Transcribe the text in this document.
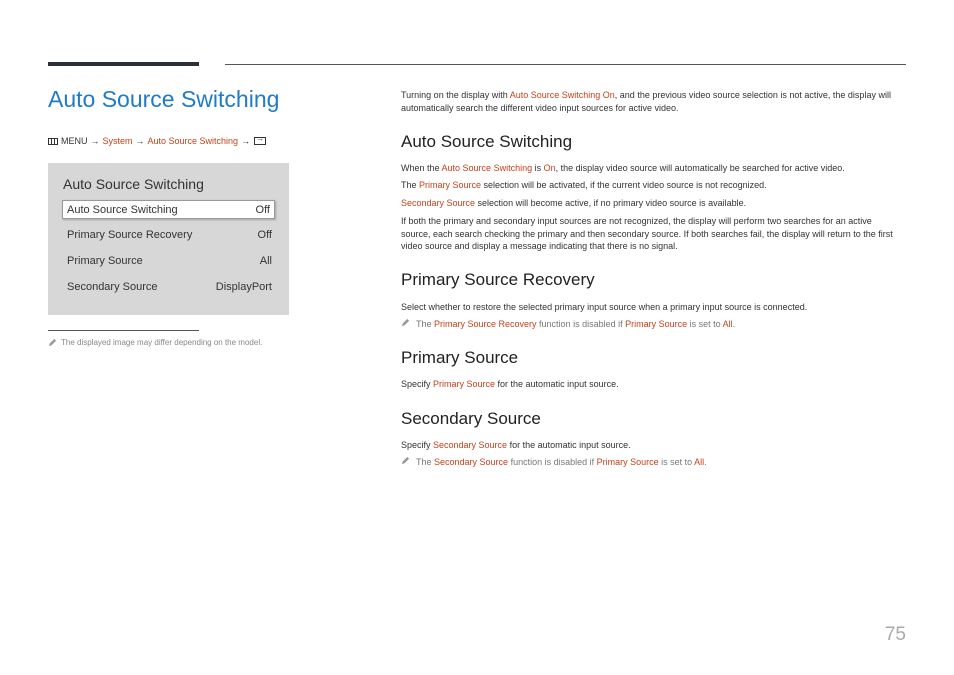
Auto Source Switching
MENU → System → Auto Source Switching →
→
Auto Source Switching
Auto Source Switching	Off
Primary Source Recovery	Off
Primary Source	All
Secondary Source	DisplayPort
The displayed image may differ depending on the model.

Turning on the display with Auto Source Switching On, and the previous video source selection is not active, the display will automatically search the different video input sources for active video.

Auto Source Switching

When the Auto Source Switching is On, the display video source will automatically be searched for active video.

The Primary Source selection will be activated, if the current video source is not recognized.

Secondary Source selection will become active, if no primary video source is available.

If both the primary and secondary input sources are not recognized, the display will perform two searches for an active source, each search checking the primary and then secondary source. If both searches fail, the display will return to the first video source and display a message indicating that there is no signal.

Primary Source Recovery

Select whether to restore the selected primary input source when a primary input source is connected.

The Primary Source Recovery function is disabled if Primary Source is set to All.
Primary Source

Specify Primary Source for the automatic input source.

Secondary Source

Specify Secondary Source for the automatic input source.

The Secondary Source function is disabled if Primary Source is set to All.
75
